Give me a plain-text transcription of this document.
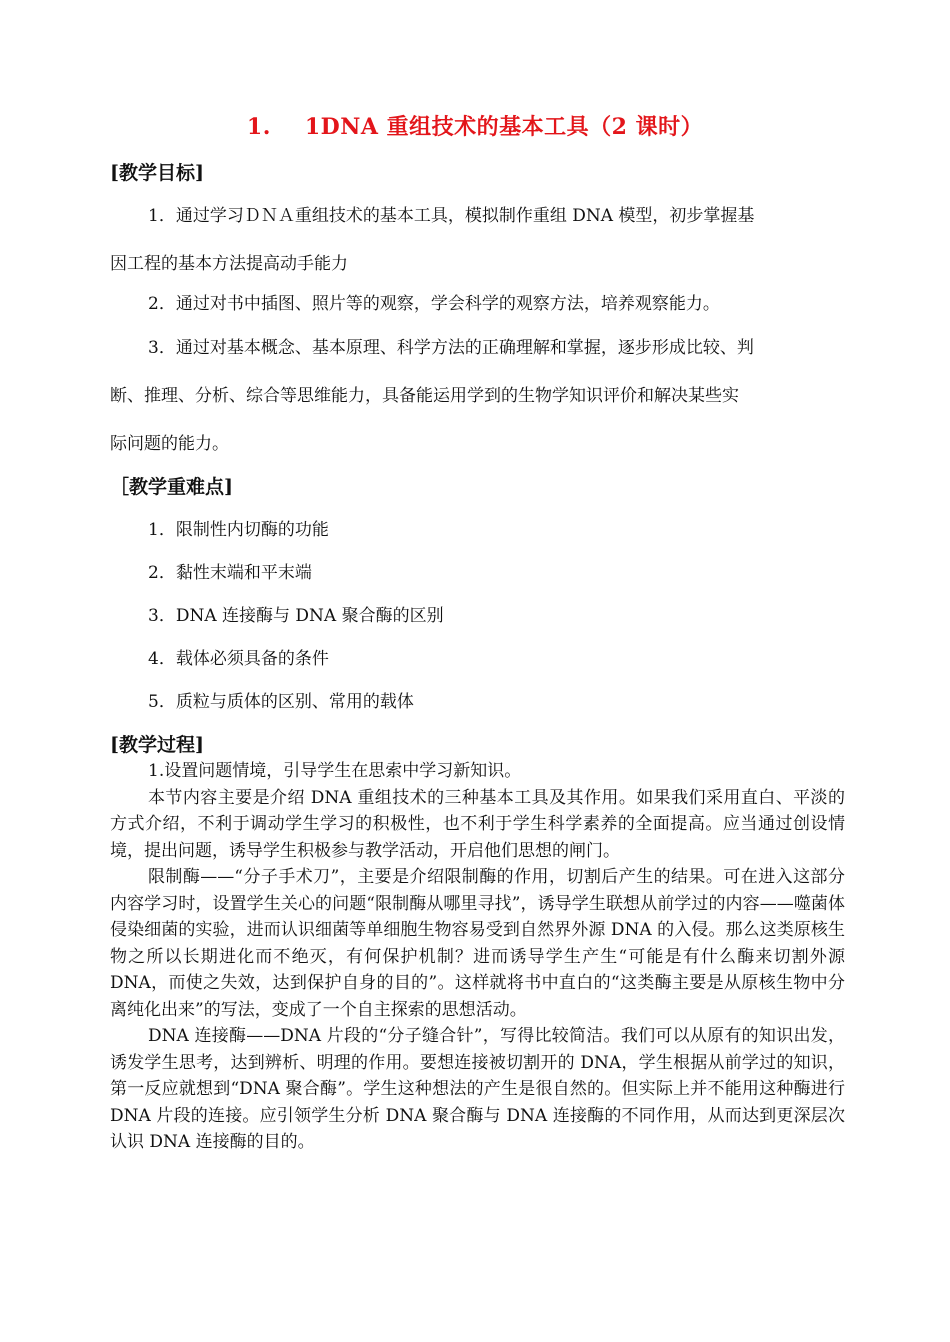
1. 1DNA 重组技术的基本工具（2 课时）
[教学目标]
1．通过学习ＤＮＡ重组技术的基本工具，模拟制作重组 DNA 模型，初步掌握基
因工程的基本方法提高动手能力
2．通过对书中插图、照片等的观察，学会科学的观察方法，培养观察能力。
3．通过对基本概念、基本原理、科学方法的正确理解和掌握，逐步形成比较、判
断、推理、分析、综合等思维能力，具备能运用学到的生物学知识评价和解决某些实
际问题的能力。
［教学重难点]
1．限制性内切酶的功能
2．黏性末端和平末端
3．DNA 连接酶与 DNA 聚合酶的区别
4．载体必须具备的条件
5．质粒与质体的区别、常用的载体
[教学过程]

1.设置问题情境，引导学生在思索中学习新知识。

本节内容主要是介绍 DNA 重组技术的三种基本工具及其作用。如果我们采用直白、平淡的方式介绍，不利于调动学生学习的积极性，也不利于学生科学素养的全面提高。应当通过创设情境，提出问题，诱导学生积极参与教学活动，开启他们思想的闸门。

限制酶——“分子手术刀”，主要是介绍限制酶的作用，切割后产生的结果。可在进入这部分内容学习时，设置学生关心的问题“限制酶从哪里寻找”，诱导学生联想从前学过的内容——噬菌体侵染细菌的实验，进而认识细菌等单细胞生物容易受到自然界外源 DNA 的入侵。那么这类原核生物之所以长期进化而不绝灭，有何保护机制？进而诱导学生产生“可能是有什么酶来切割外源 DNA，而使之失效，达到保护自身的目的”。这样就将书中直白的“这类酶主要是从原核生物中分离纯化出来”的写法，变成了一个自主探索的思想活动。

DNA 连接酶——DNA 片段的“分子缝合针”，写得比较简洁。我们可以从原有的知识出发，诱发学生思考，达到辨析、明理的作用。要想连接被切割开的 DNA，学生根据从前学过的知识，第一反应就想到“DNA 聚合酶”。学生这种想法的产生是很自然的。但实际上并不能用这种酶进行 DNA 片段的连接。应引领学生分析 DNA 聚合酶与 DNA 连接酶的不同作用，从而达到更深层次认识 DNA 连接酶的目的。
